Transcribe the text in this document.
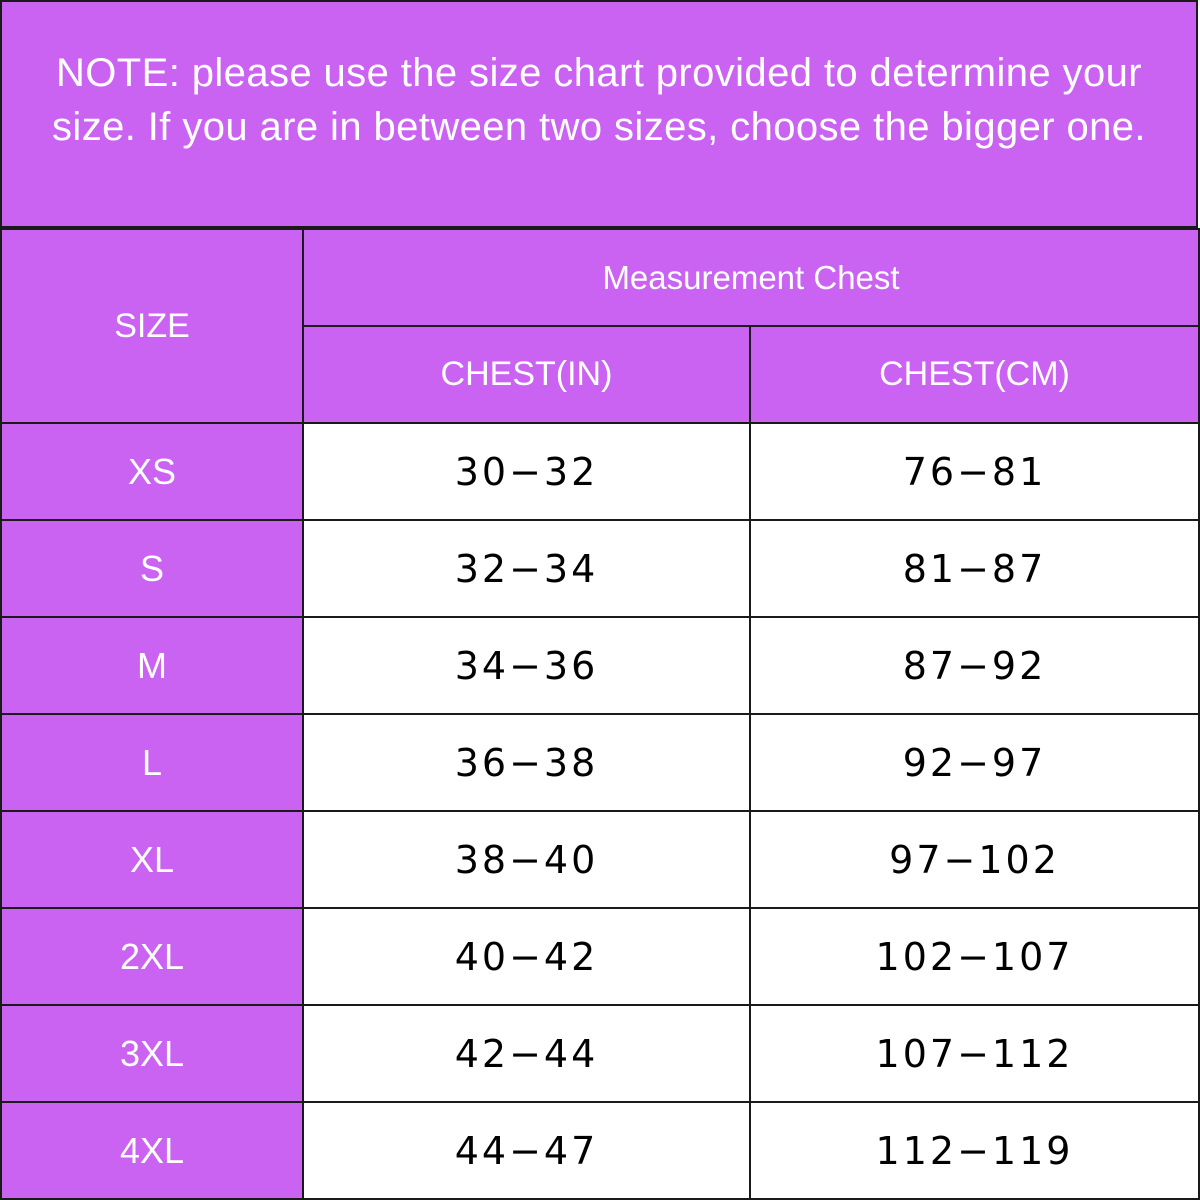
NOTE: please use the size chart provided to determine your
size. If you are in between two sizes, choose the bigger one.
SIZE	Measurement Chest	
	CHEST(IN)	CHEST(CM)
XS	30−32	76−81
S	32−34	81−87
M	34−36	87−92
L	36−38	92−97
XL	38−40	97−102
2XL	40−42	102−107
3XL	42−44	107−112
4XL	44−47	112−119
